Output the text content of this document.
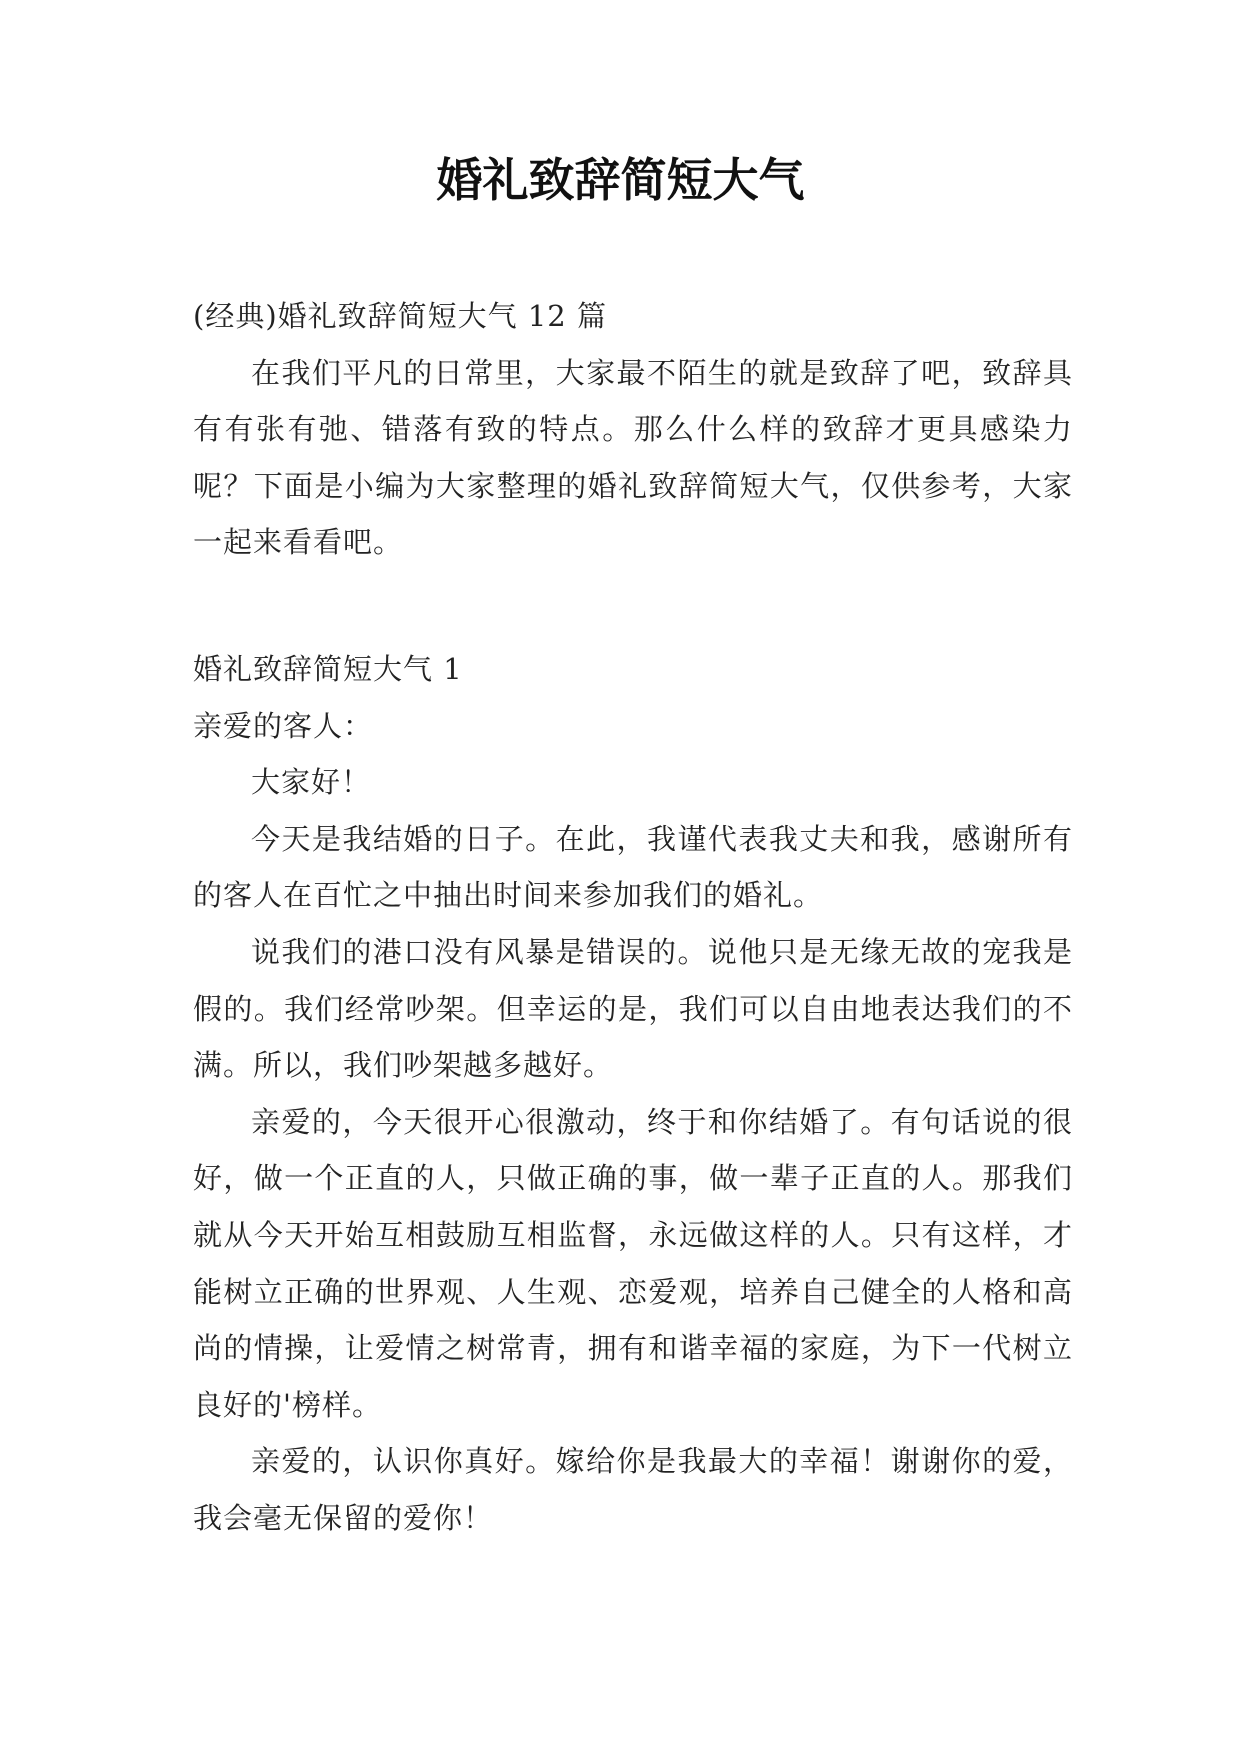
婚礼致辞简短大气

(经典)婚礼致辞简短大气 12 篇

在我们平凡的日常里，大家最不陌生的就是致辞了吧，致辞具有有张有弛、错落有致的特点。那么什么样的致辞才更具感染力呢？下面是小编为大家整理的婚礼致辞简短大气，仅供参考，大家一起来看看吧。

婚礼致辞简短大气 1

亲爱的客人：

大家好！

今天是我结婚的日子。在此，我谨代表我丈夫和我，感谢所有的客人在百忙之中抽出时间来参加我们的婚礼。

说我们的港口没有风暴是错误的。说他只是无缘无故的宠我是假的。我们经常吵架。但幸运的是，我们可以自由地表达我们的不满。所以，我们吵架越多越好。

亲爱的，今天很开心很激动，终于和你结婚了。有句话说的很好，做一个正直的人，只做正确的事，做一辈子正直的人。那我们就从今天开始互相鼓励互相监督，永远做这样的人。只有这样，才能树立正确的世界观、人生观、恋爱观，培养自己健全的人格和高尚的情操，让爱情之树常青，拥有和谐幸福的家庭，为下一代树立良好的'榜样。

亲爱的，认识你真好。嫁给你是我最大的幸福！谢谢你的爱，我会毫无保留的爱你！
